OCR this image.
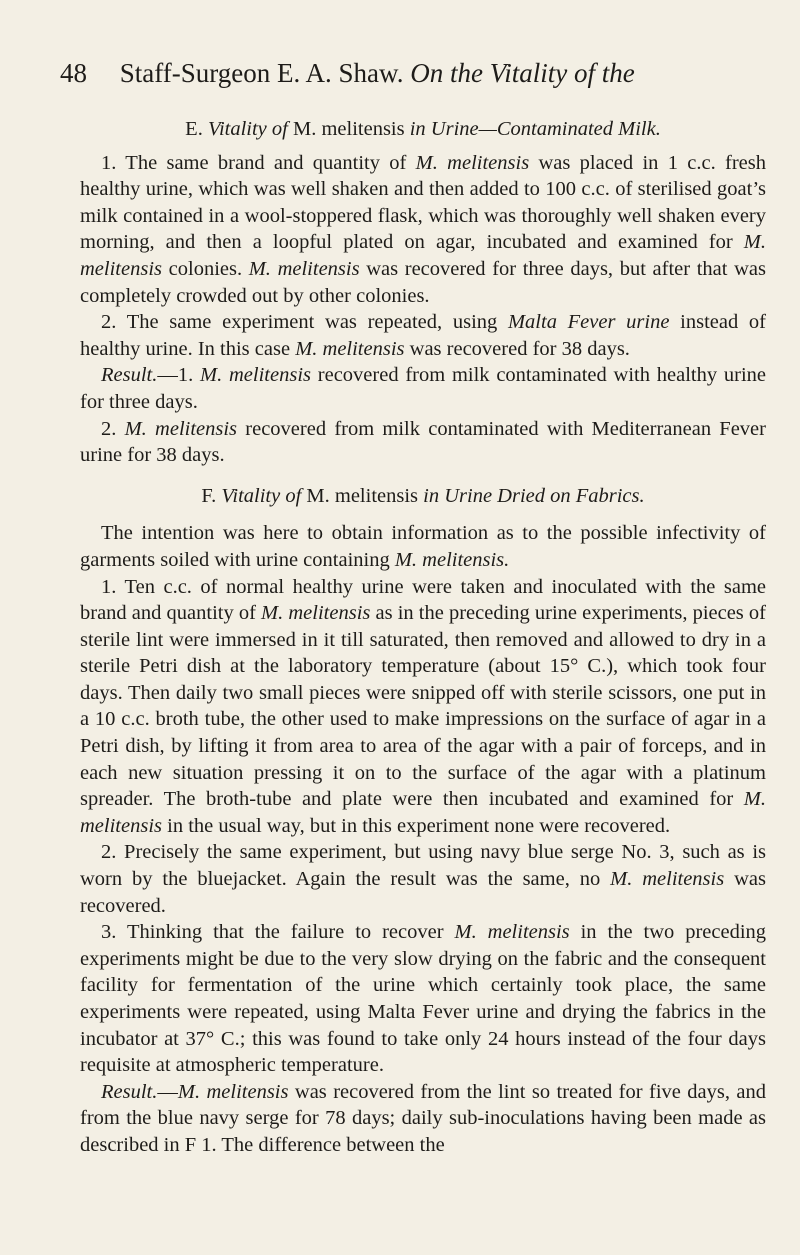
48 Staff-Surgeon E. A. Shaw. On the Vitality of the

E. Vitality of M. melitensis in Urine—Contaminated Milk.

1. The same brand and quantity of M. melitensis was placed in 1 c.c. fresh healthy urine, which was well shaken and then added to 100 c.c. of sterilised goat’s milk contained in a wool-stoppered flask, which was thoroughly well shaken every morning, and then a loopful plated on agar, incubated and examined for M. melitensis colonies. M. melitensis was recovered for three days, but after that was completely crowded out by other colonies.

2. The same experiment was repeated, using Malta Fever urine instead of healthy urine. In this case M. melitensis was recovered for 38 days.

Result.—1. M. melitensis recovered from milk contaminated with healthy urine for three days.

2. M. melitensis recovered from milk contaminated with Mediterranean Fever urine for 38 days.

F. Vitality of M. melitensis in Urine Dried on Fabrics.

The intention was here to obtain information as to the possible infectivity of garments soiled with urine containing M. melitensis.

1. Ten c.c. of normal healthy urine were taken and inoculated with the same brand and quantity of M. melitensis as in the preceding urine experiments, pieces of sterile lint were immersed in it till saturated, then removed and allowed to dry in a sterile Petri dish at the laboratory temperature (about 15° C.), which took four days. Then daily two small pieces were snipped off with sterile scissors, one put in a 10 c.c. broth tube, the other used to make impressions on the surface of agar in a Petri dish, by lifting it from area to area of the agar with a pair of forceps, and in each new situation pressing it on to the surface of the agar with a platinum spreader. The broth-tube and plate were then incubated and examined for M. melitensis in the usual way, but in this experiment none were recovered.

2. Precisely the same experiment, but using navy blue serge No. 3, such as is worn by the bluejacket. Again the result was the same, no M. melitensis was recovered.

3. Thinking that the failure to recover M. melitensis in the two preceding experiments might be due to the very slow drying on the fabric and the consequent facility for fermentation of the urine which certainly took place, the same experiments were repeated, using Malta Fever urine and drying the fabrics in the incubator at 37° C.; this was found to take only 24 hours instead of the four days requisite at atmospheric temperature.

Result.—M. melitensis was recovered from the lint so treated for five days, and from the blue navy serge for 78 days; daily sub-inoculations having been made as described in F 1. The difference between the
